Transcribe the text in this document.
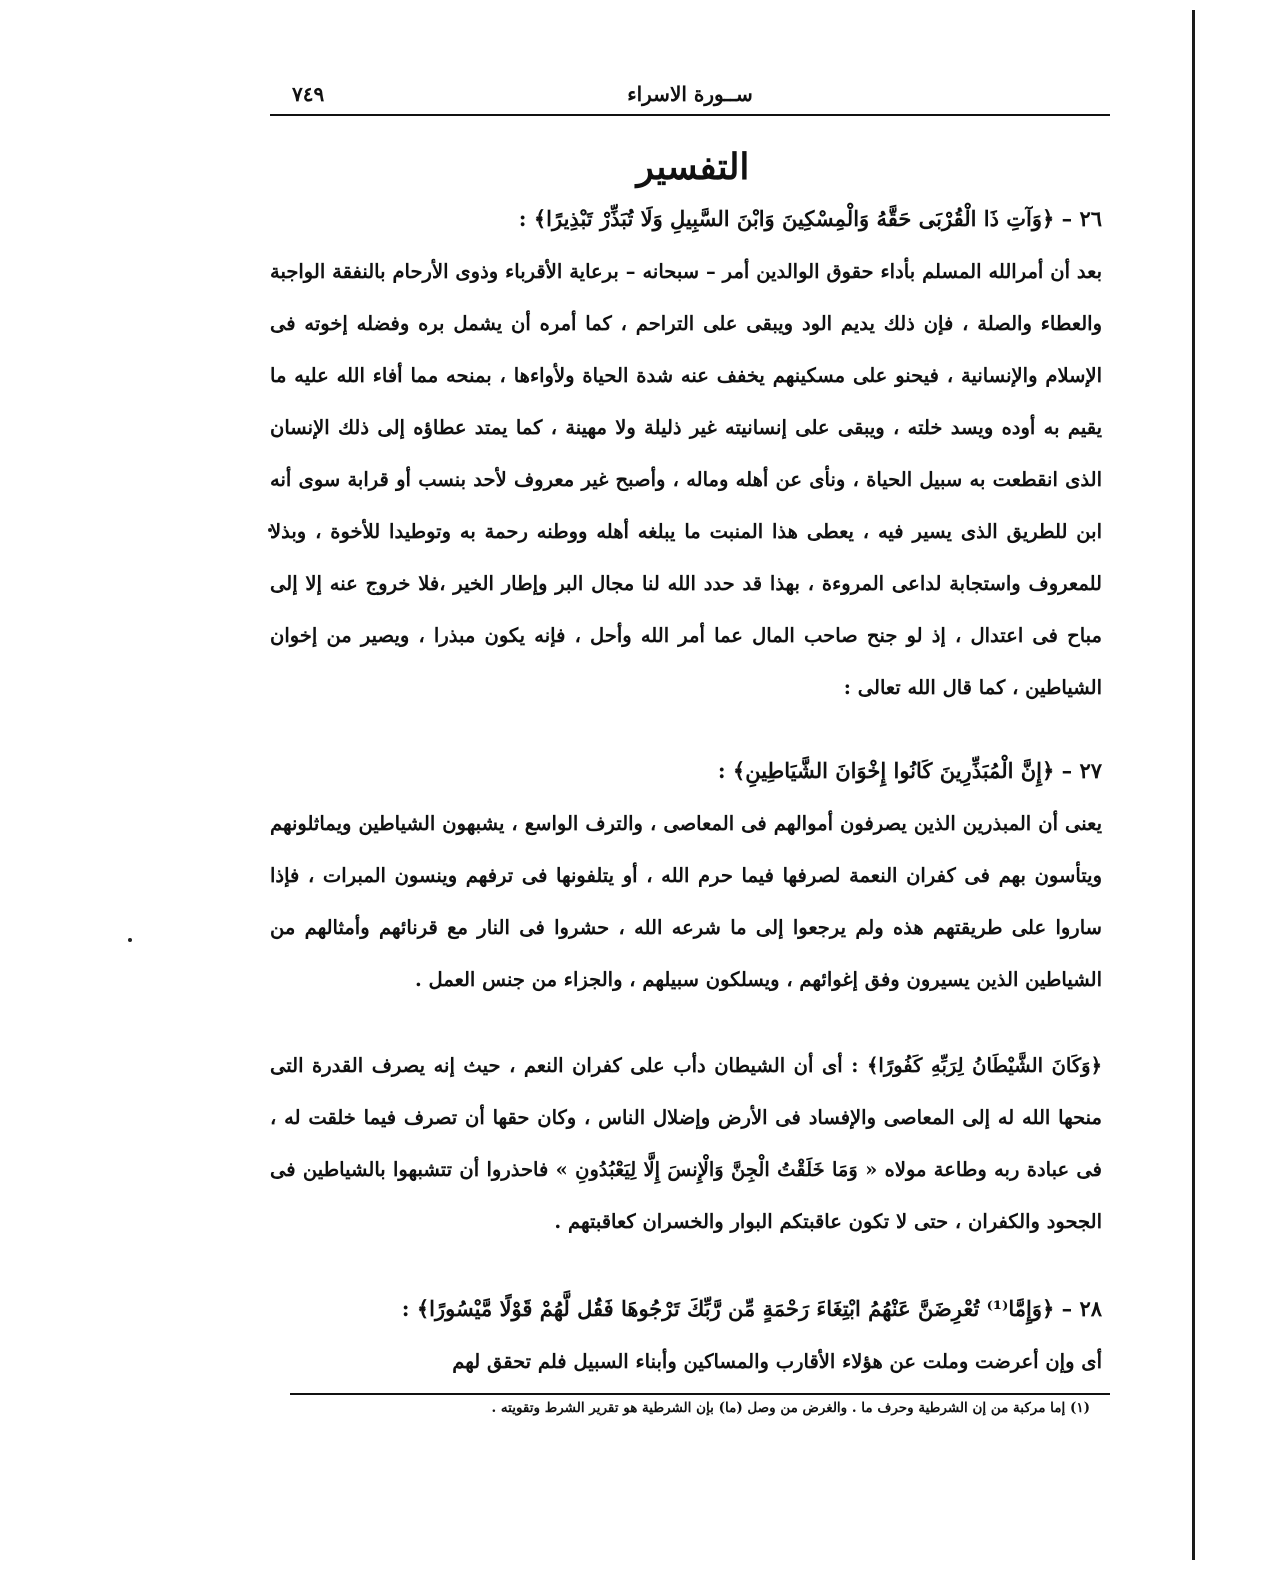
٧٤٩	ســورة الاسراء
التفسير
٢٦ – ﴿وَآتِ ذَا الْقُرْبَى حَقَّهُ وَالْمِسْكِينَ وَابْنَ السَّبِيلِ وَلَا تُبَذِّرْ تَبْذِيرًا﴾ :
بعد أن أمرالله المسلم بأداء حقوق الوالدين أمر – سبحانه – برعاية الأقرباء وذوى الأرحام بالنفقة الواجبة والعطاء والصلة ، فإن ذلك يديم الود ويبقى على التراحم ، كما أمره أن يشمل بره وفضله إخوته فى الإسلام والإنسانية ، فيحنو على مسكينهم يخفف عنه شدة الحياة ولأواءها ، بمنحه مما أفاء الله عليه ما يقيم به أوده ويسد خلته ، ويبقى على إنسانيته غير ذليلة ولا مهينة ، كما يمتد عطاؤه إلى ذلك الإنسان الذى انقطعت به سبيل الحياة ، ونأى عن أهله وماله ، وأصبح غير معروف لأحد بنسب أو قرابة سوى أنه ابن للطريق الذى يسير فيه ، يعطى هذا المنبت ما يبلغه أهله ووطنه رحمة به وتوطيدا للأخوة ، وبذلا للمعروف واستجابة لداعى المروءة ، بهذا قد حدد الله لنا مجال البر وإطار الخير ،فلا خروج عنه إلا إلى مباح فى اعتدال ، إذ لو جنح صاحب المال عما أمر الله وأحل ، فإنه يكون مبذرا ، ويصير من إخوان الشياطين ، كما قال الله تعالى :
٢٧ – ﴿إِنَّ الْمُبَذِّرِينَ كَانُوا إِخْوَانَ الشَّيَاطِينِ﴾ :
يعنى أن المبذرين الذين يصرفون أموالهم فى المعاصى ، والترف الواسع ، يشبهون الشياطين ويماثلونهم ويتأسون بهم فى كفران النعمة لصرفها فيما حرم الله ، أو يتلفونها فى ترفهم وينسون المبرات ، فإذا ساروا على طريقتهم هذه ولم يرجعوا إلى ما شرعه الله ، حشروا فى النار مع قرنائهم وأمثالهم من الشياطين الذين يسيرون وفق إغوائهم ، ويسلكون سبيلهم ، والجزاء من جنس العمل .
﴿وَكَانَ الشَّيْطَانُ لِرَبِّهِ كَفُورًا﴾ : أى أن الشيطان دأب على كفران النعم ، حيث إنه يصرف القدرة التى منحها الله له إلى المعاصى والإفساد فى الأرض وإضلال الناس ، وكان حقها أن تصرف فيما خلقت له ، فى عبادة ربه وطاعة مولاه « وَمَا خَلَقْتُ الْجِنَّ وَالْإِنسَ إِلَّا لِيَعْبُدُونِ » فاحذروا أن تتشبهوا بالشياطين فى الجحود والكفران ، حتى لا تكون عاقبتكم البوار والخسران كعاقبتهم .
٢٨ – ﴿وَإِمَّا⁽¹⁾ تُعْرِضَنَّ عَنْهُمُ ابْتِغَاءَ رَحْمَةٍ مِّن رَّبِّكَ تَرْجُوهَا فَقُل لَّهُمْ قَوْلًا مَّيْسُورًا﴾ :
أى وإن أعرضت وملت عن هؤلاء الأقارب والمساكين وأبناء السبيل فلم تحقق لهم
(١) إما مركبة من إن الشرطية وحرف ما . والغرض من وصل (ما) بإن الشرطية هو تقرير الشرط وتقويته .
